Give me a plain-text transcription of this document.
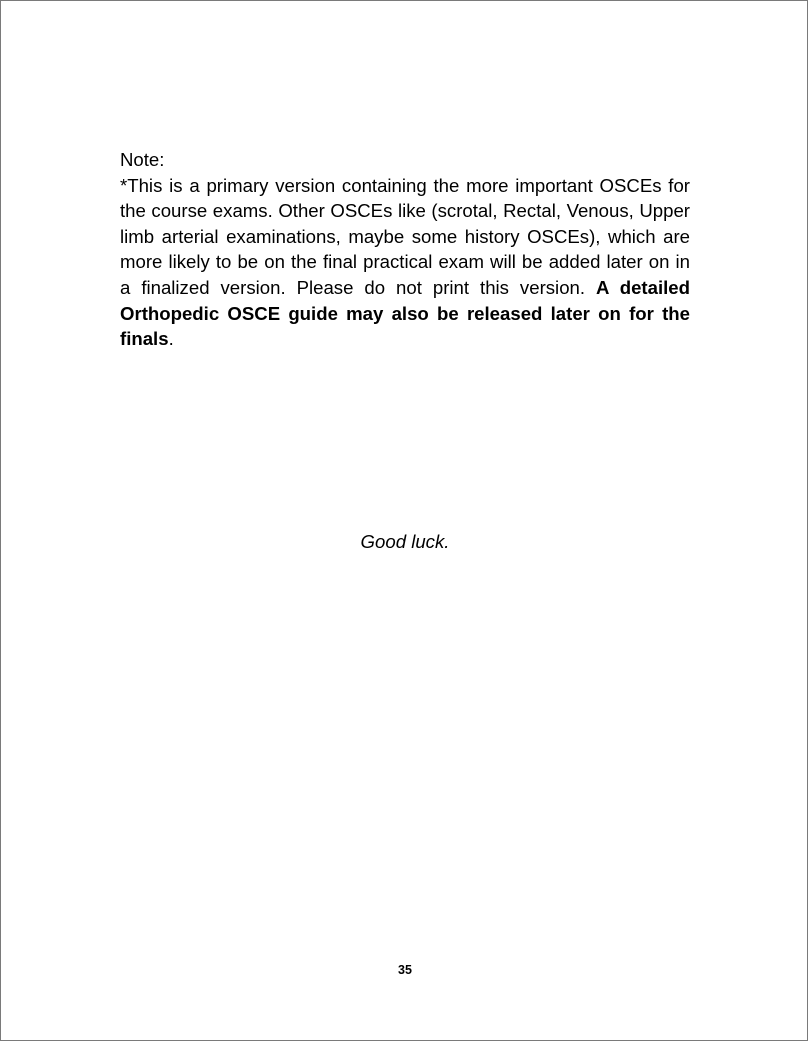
Note:
*This is a primary version containing the more important OSCEs for the course exams. Other OSCEs like (scrotal, Rectal, Venous, Upper limb arterial examinations, maybe some history OSCEs), which are more likely to be on the final practical exam will be added later on in a finalized version. Please do not print this version. A detailed Orthopedic OSCE guide may also be released later on for the finals.
Good luck.
35
